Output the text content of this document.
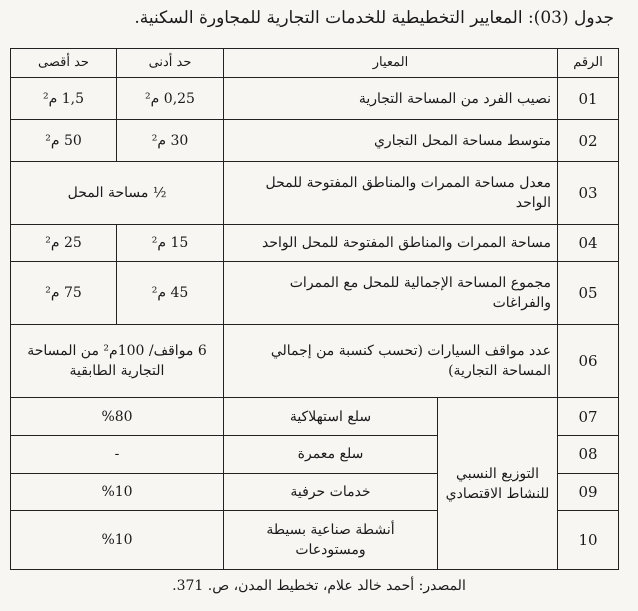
جدول (03): المعايير التخطيطية للخدمات التجارية للمجاورة السكنية.
الرقم	المعيار		حد أدنى	حد أقصى
01	نصيب الفرد من المساحة التجارية		0,25 م²	1,5 م²
02	متوسط مساحة المحل التجاري		30 م²	50 م²
03	معدل مساحة الممرات والمناطق المفتوحة للمحل الواحد		½ مساحة المحل	
04	مساحة الممرات والمناطق المفتوحة للمحل الواحد		15 م²	25 م²
05	مجموع المساحة الإجمالية للمحل مع الممرات والفراغات		45 م²	75 م²
06	عدد مواقف السيارات (تحسب كنسبة من إجمالي المساحة التجارية)		6 مواقف/ 100م² من المساحة التجارية الطابقية	
07	التوزيع النسبي للنشاط الاقتصادي	سلع استهلاكية	%80	
08		سلع معمرة	-	
09		خدمات حرفية	%10	
10		أنشطة صناعية بسيطة ومستودعات	%10	
المصدر: أحمد خالد علام، تخطيط المدن، ص. 371.
